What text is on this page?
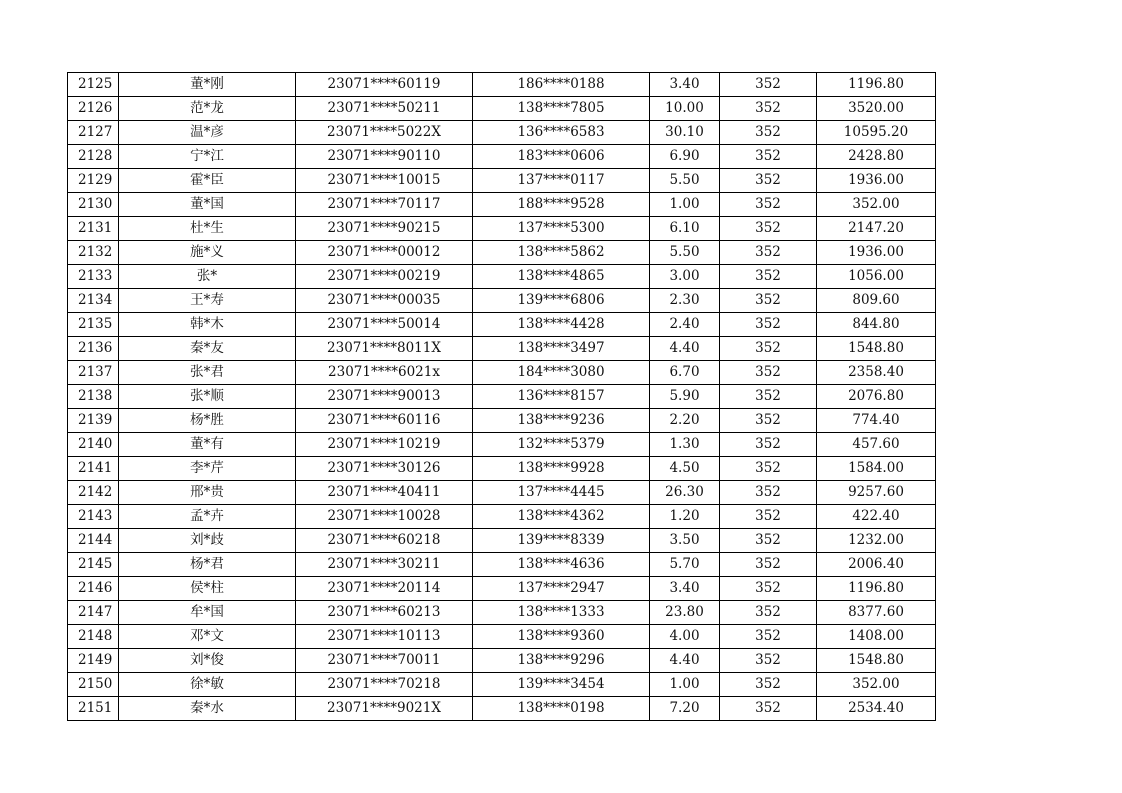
2125	董*刚	23071****60119	186****0188	3.40	352	1196.80
2126	范*龙	23071****50211	138****7805	10.00	352	3520.00
2127	温*彦	23071****5022X	136****6583	30.10	352	10595.20
2128	宁*江	23071****90110	183****0606	6.90	352	2428.80
2129	霍*臣	23071****10015	137****0117	5.50	352	1936.00
2130	董*国	23071****70117	188****9528	1.00	352	352.00
2131	杜*生	23071****90215	137****5300	6.10	352	2147.20
2132	施*义	23071****00012	138****5862	5.50	352	1936.00
2133	张*	23071****00219	138****4865	3.00	352	1056.00
2134	王*寿	23071****00035	139****6806	2.30	352	809.60
2135	韩*木	23071****50014	138****4428	2.40	352	844.80
2136	秦*友	23071****8011X	138****3497	4.40	352	1548.80
2137	张*君	23071****6021x	184****3080	6.70	352	2358.40
2138	张*顺	23071****90013	136****8157	5.90	352	2076.80
2139	杨*胜	23071****60116	138****9236	2.20	352	774.40
2140	董*有	23071****10219	132****5379	1.30	352	457.60
2141	李*芹	23071****30126	138****9928	4.50	352	1584.00
2142	邢*贵	23071****40411	137****4445	26.30	352	9257.60
2143	孟*卉	23071****10028	138****4362	1.20	352	422.40
2144	刘*歧	23071****60218	139****8339	3.50	352	1232.00
2145	杨*君	23071****30211	138****4636	5.70	352	2006.40
2146	侯*柱	23071****20114	137****2947	3.40	352	1196.80
2147	牟*国	23071****60213	138****1333	23.80	352	8377.60
2148	邓*文	23071****10113	138****9360	4.00	352	1408.00
2149	刘*俊	23071****70011	138****9296	4.40	352	1548.80
2150	徐*敏	23071****70218	139****3454	1.00	352	352.00
2151	秦*水	23071****9021X	138****0198	7.20	352	2534.40
